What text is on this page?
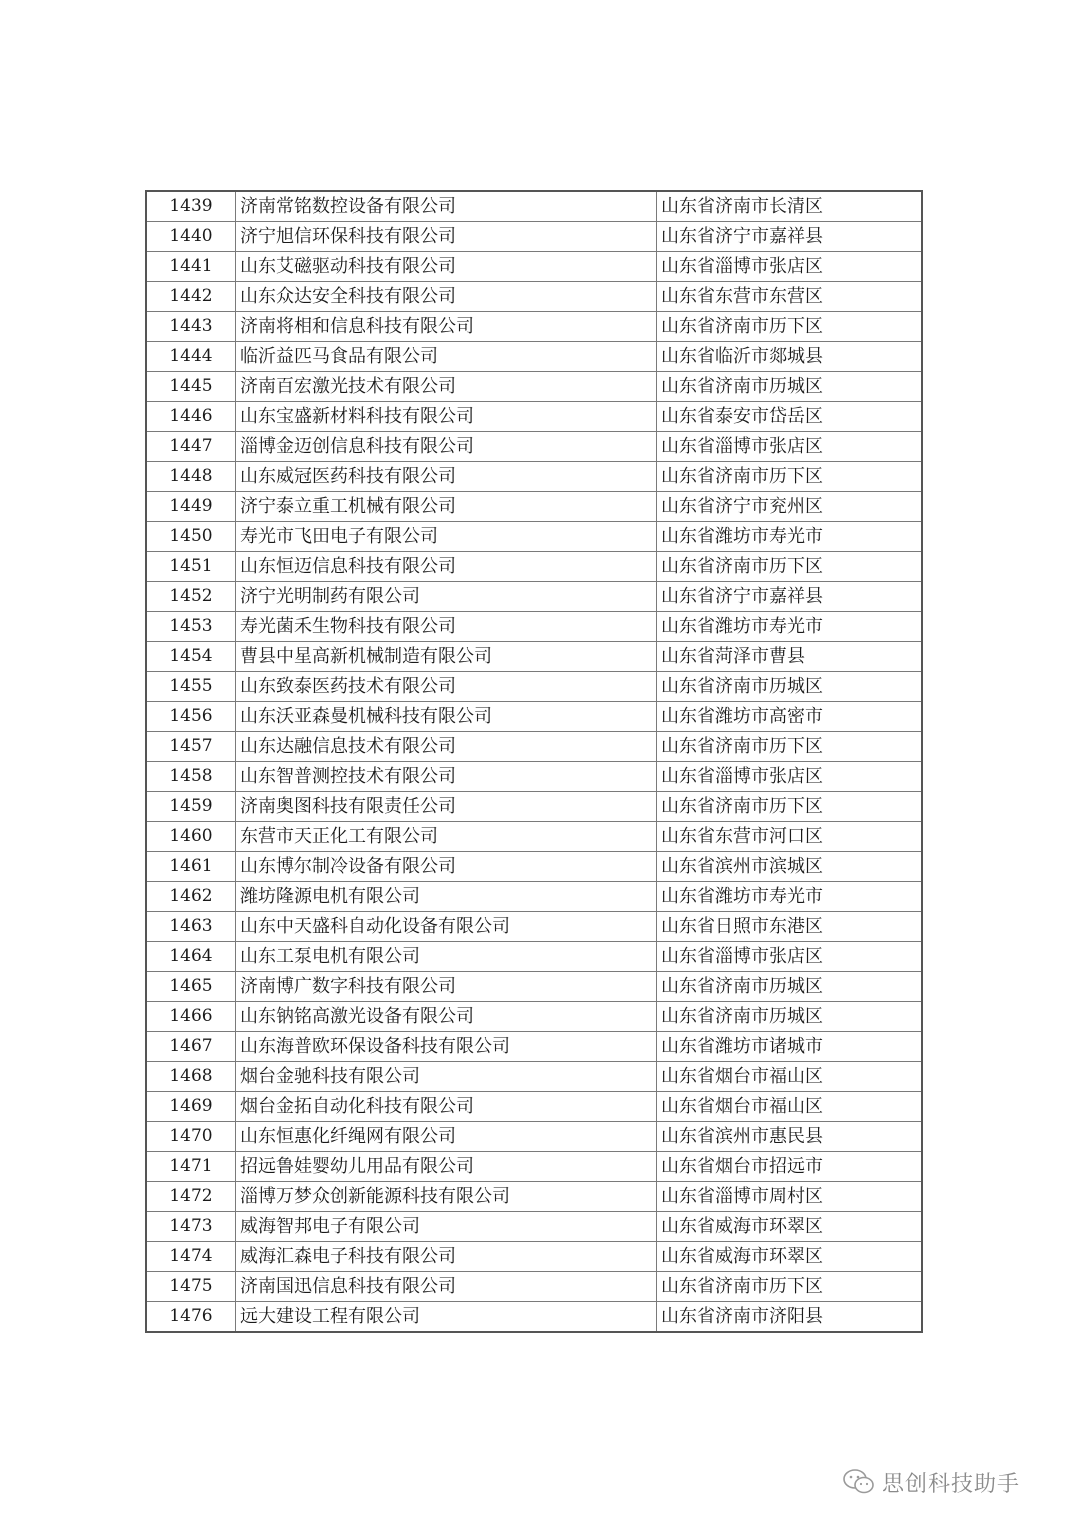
1439	济南常铭数控设备有限公司	山东省济南市长清区
1440	济宁旭信环保科技有限公司	山东省济宁市嘉祥县
1441	山东艾磁驱动科技有限公司	山东省淄博市张店区
1442	山东众达安全科技有限公司	山东省东营市东营区
1443	济南将相和信息科技有限公司	山东省济南市历下区
1444	临沂益匹马食品有限公司	山东省临沂市郯城县
1445	济南百宏激光技术有限公司	山东省济南市历城区
1446	山东宝盛新材料科技有限公司	山东省泰安市岱岳区
1447	淄博金迈创信息科技有限公司	山东省淄博市张店区
1448	山东威冠医药科技有限公司	山东省济南市历下区
1449	济宁泰立重工机械有限公司	山东省济宁市兖州区
1450	寿光市飞田电子有限公司	山东省潍坊市寿光市
1451	山东恒迈信息科技有限公司	山东省济南市历下区
1452	济宁光明制药有限公司	山东省济宁市嘉祥县
1453	寿光菌禾生物科技有限公司	山东省潍坊市寿光市
1454	曹县中星高新机械制造有限公司	山东省菏泽市曹县
1455	山东致泰医药技术有限公司	山东省济南市历城区
1456	山东沃亚森曼机械科技有限公司	山东省潍坊市高密市
1457	山东达融信息技术有限公司	山东省济南市历下区
1458	山东智普测控技术有限公司	山东省淄博市张店区
1459	济南奥图科技有限责任公司	山东省济南市历下区
1460	东营市天正化工有限公司	山东省东营市河口区
1461	山东博尔制冷设备有限公司	山东省滨州市滨城区
1462	潍坊隆源电机有限公司	山东省潍坊市寿光市
1463	山东中天盛科自动化设备有限公司	山东省日照市东港区
1464	山东工泵电机有限公司	山东省淄博市张店区
1465	济南博广数字科技有限公司	山东省济南市历城区
1466	山东钠铭高激光设备有限公司	山东省济南市历城区
1467	山东海普欧环保设备科技有限公司	山东省潍坊市诸城市
1468	烟台金驰科技有限公司	山东省烟台市福山区
1469	烟台金拓自动化科技有限公司	山东省烟台市福山区
1470	山东恒惠化纤绳网有限公司	山东省滨州市惠民县
1471	招远鲁娃婴幼儿用品有限公司	山东省烟台市招远市
1472	淄博万梦众创新能源科技有限公司	山东省淄博市周村区
1473	威海智邦电子有限公司	山东省威海市环翠区
1474	威海汇森电子科技有限公司	山东省威海市环翠区
1475	济南国迅信息科技有限公司	山东省济南市历下区
1476	远大建设工程有限公司	山东省济南市济阳县
思创科技助手
